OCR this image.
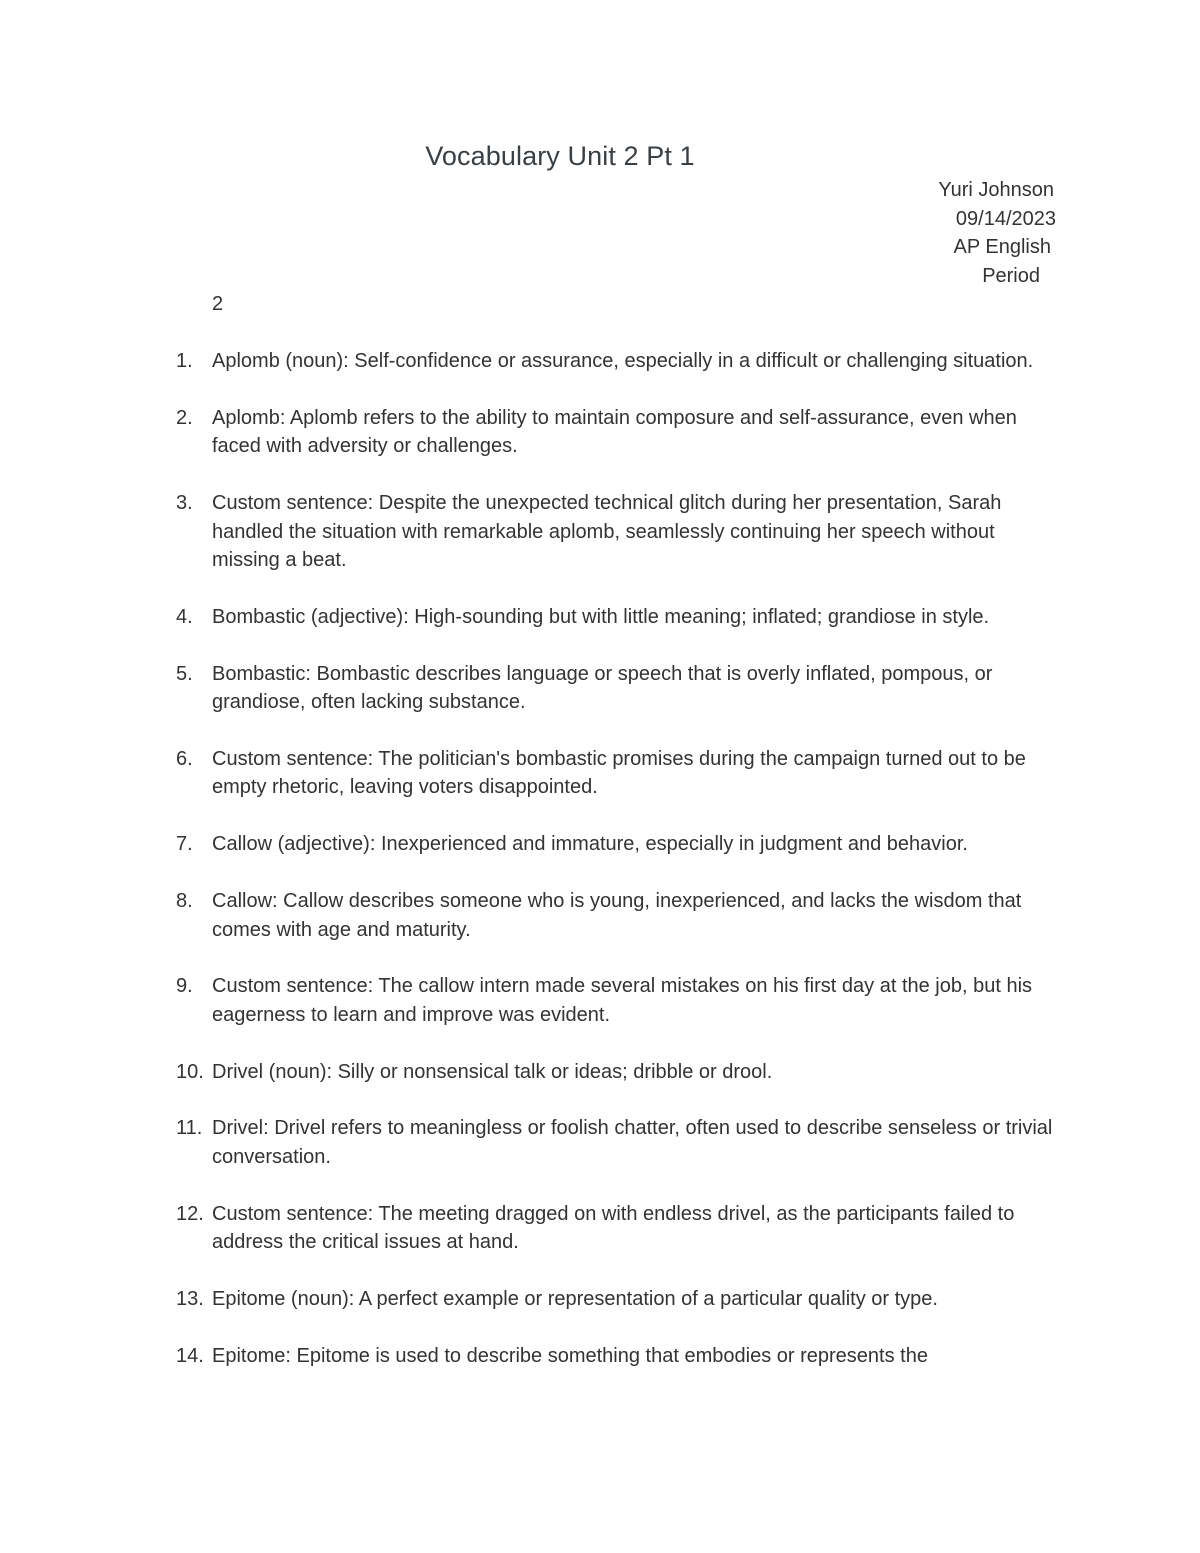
Vocabulary Unit 2 Pt 1
Yuri Johnson
09/14/2023
AP English
Period
2
1. Aplomb (noun): Self-confidence or assurance, especially in a difficult or challenging situation.
2. Aplomb: Aplomb refers to the ability to maintain composure and self-assurance, even when faced with adversity or challenges.
3. Custom sentence: Despite the unexpected technical glitch during her presentation, Sarah handled the situation with remarkable aplomb, seamlessly continuing her speech without missing a beat.
4. Bombastic (adjective): High-sounding but with little meaning; inflated; grandiose in style.
5. Bombastic: Bombastic describes language or speech that is overly inflated, pompous, or grandiose, often lacking substance.
6. Custom sentence: The politician's bombastic promises during the campaign turned out to be empty rhetoric, leaving voters disappointed.
7. Callow (adjective): Inexperienced and immature, especially in judgment and behavior.
8. Callow: Callow describes someone who is young, inexperienced, and lacks the wisdom that comes with age and maturity.
9. Custom sentence: The callow intern made several mistakes on his first day at the job, but his eagerness to learn and improve was evident.
10. Drivel (noun): Silly or nonsensical talk or ideas; dribble or drool.
11. Drivel: Drivel refers to meaningless or foolish chatter, often used to describe senseless or trivial conversation.
12. Custom sentence: The meeting dragged on with endless drivel, as the participants failed to address the critical issues at hand.
13. Epitome (noun): A perfect example or representation of a particular quality or type.
14. Epitome: Epitome is used to describe something that embodies or represents the
